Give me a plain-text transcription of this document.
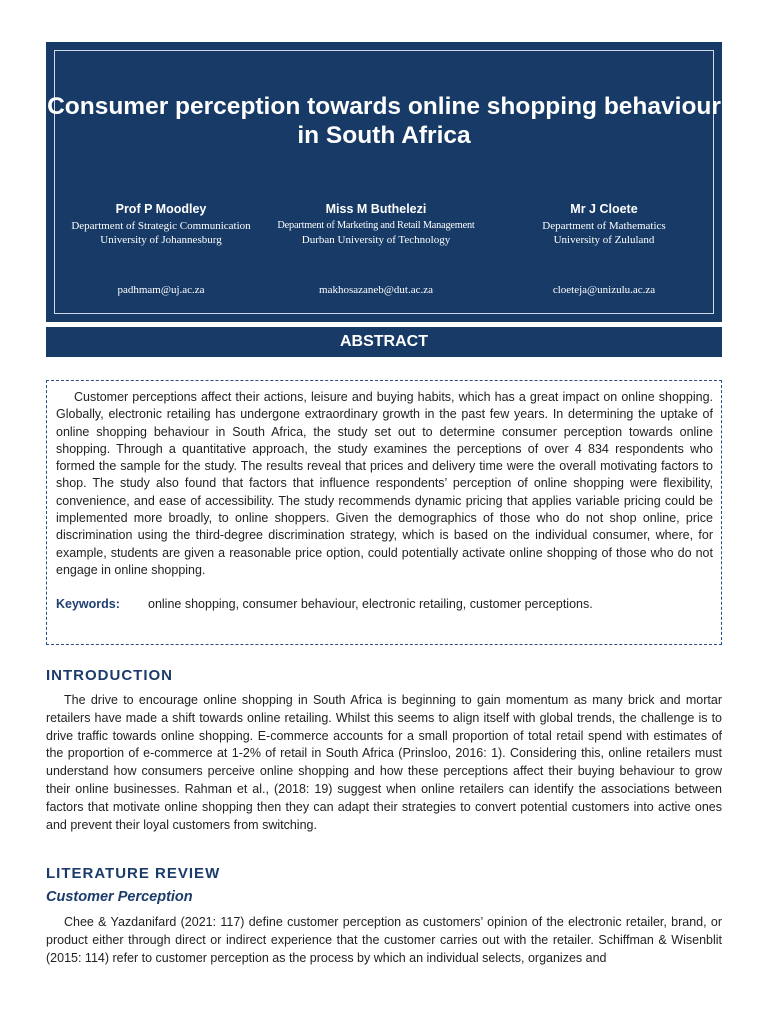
Consumer perception towards online shopping behaviour in South Africa
Prof P Moodley
Department of Strategic Communication
University of Johannesburg
padhmam@uj.ac.za
Miss M Buthelezi
Department of Marketing and Retail Management
Durban University of Technology
makhosazaneb@dut.ac.za
Mr J Cloete
Department of Mathematics
University of Zululand
cloeteja@unizulu.ac.za
ABSTRACT
Customer perceptions affect their actions, leisure and buying habits, which has a great impact on online shopping. Globally, electronic retailing has undergone extraordinary growth in the past few years. In determining the uptake of online shopping behaviour in South Africa, the study set out to determine consumer perception towards online shopping. Through a quantitative approach, the study examines the perceptions of over 4 834 respondents who formed the sample for the study. The results reveal that prices and delivery time were the overall motivating factors to shop. The study also found that factors that influence respondents’ perception of online shopping were flexibility, convenience, and ease of accessibility. The study recommends dynamic pricing that applies variable pricing could be implemented more broadly, to online shoppers. Given the demographics of those who do not shop online, price discrimination using the third-degree discrimination strategy, which is based on the individual consumer, where, for example, students are given a reasonable price option, could potentially activate online shopping of those who do not engage in online shopping.
Keywords: online shopping, consumer behaviour, electronic retailing, customer perceptions.
INTRODUCTION
The drive to encourage online shopping in South Africa is beginning to gain momentum as many brick and mortar retailers have made a shift towards online retailing. Whilst this seems to align itself with global trends, the challenge is to drive traffic towards online shopping. E-commerce accounts for a small proportion of total retail spend with estimates of the proportion of e-commerce at 1-2% of retail in South Africa (Prinsloo, 2016: 1). Considering this, online retailers must understand how consumers perceive online shopping and how these perceptions affect their buying behaviour to grow their online businesses. Rahman et al., (2018: 19) suggest when online retailers can identify the associations between factors that motivate online shopping then they can adapt their strategies to convert potential customers into active ones and prevent their loyal customers from switching.
LITERATURE REVIEW
Customer Perception
Chee & Yazdanifard (2021: 117) define customer perception as customers’ opinion of the electronic retailer, brand, or product either through direct or indirect experience that the customer carries out with the retailer. Schiffman & Wisenblit (2015: 114) refer to customer perception as the process by which an individual selects, organizes and
